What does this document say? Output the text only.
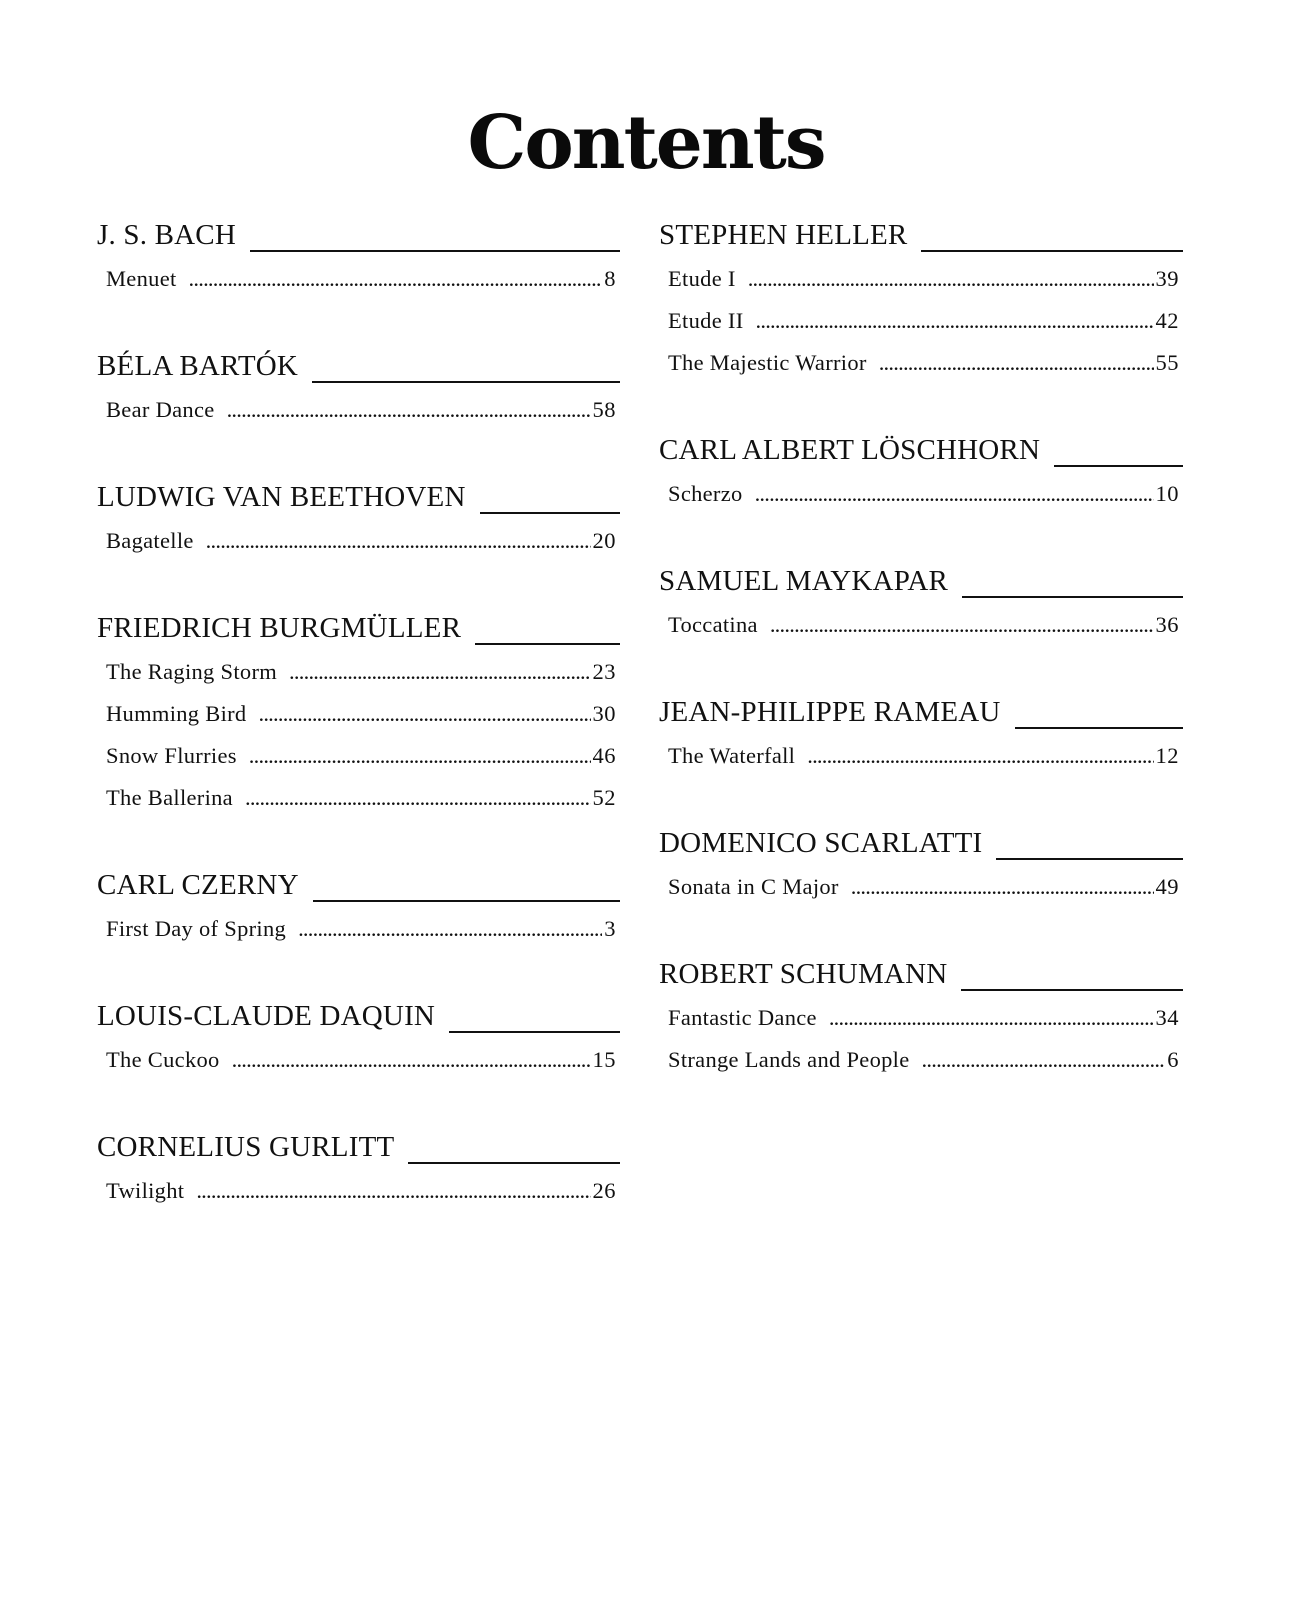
Contents
J. S. BACH
Menuet . . .	8
BÉLA BARTÓK
Bear Dance . . .	58
LUDWIG VAN BEETHOVEN
Bagatelle . . .	20
FRIEDRICH BURGMÜLLER
The Raging Storm . . .	23
Humming Bird . . .	30
Snow Flurries . . .	46
The Ballerina . . .	52
CARL CZERNY
First Day of Spring . . .	3
LOUIS-CLAUDE DAQUIN
The Cuckoo . . .	15
CORNELIUS GURLITT
Twilight . . .	26
STEPHEN HELLER
Etude I . . .	39
Etude II . . .	42
The Majestic Warrior . . .	55
CARL ALBERT LÖSCHHORN
Scherzo . . .	10
SAMUEL MAYKAPAR
Toccatina . . .	36
JEAN-PHILIPPE RAMEAU
The Waterfall . . .	12
DOMENICO SCARLATTI
Sonata in C Major . . .	49
ROBERT SCHUMANN
Fantastic Dance . . .	34
Strange Lands and People . . .	6
